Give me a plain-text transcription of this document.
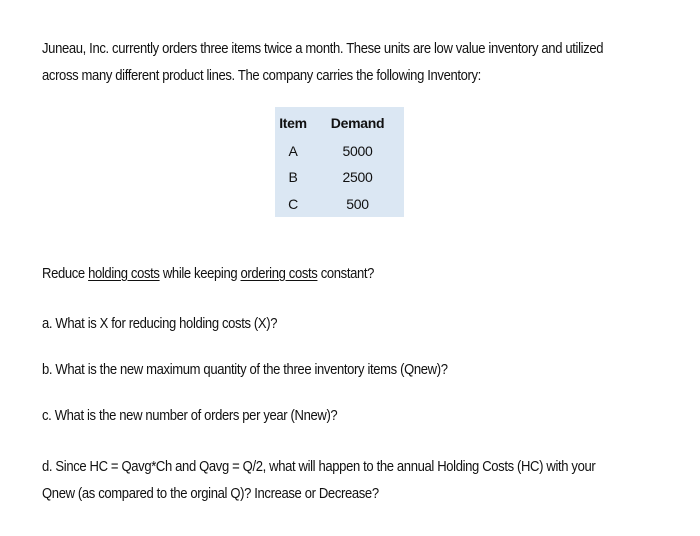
Juneau, Inc. currently orders three items twice a month. These units are low value inventory and utilized
across many different product lines. The company carries the following Inventory:
Item	Demand
A	5000
B	2500
C	500
Reduce holding costs while keeping ordering costs constant?
a. What is X for reducing holding costs (X)?
b. What is the new maximum quantity of the three inventory items (Qnew)?
c. What is the new number of orders per year (Nnew)?
d. Since HC = Qavg*Ch and Qavg = Q/2, what will happen to the annual Holding Costs (HC) with your
Qnew (as compared to the orginal Q)? Increase or Decrease?
